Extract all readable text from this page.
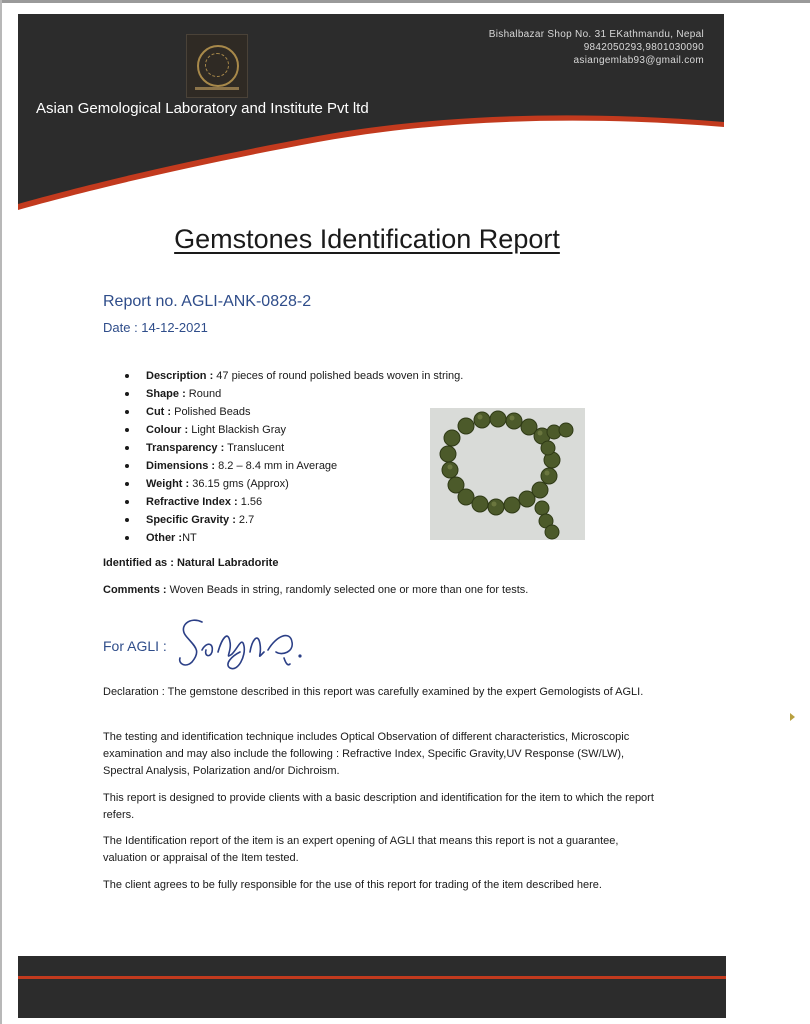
Bishalbazar Shop No. 31 EKathmandu, Nepal
9842050293,9801030090
asiangemlab93@gmail.com
Asian Gemological Laboratory and Institute Pvt ltd
Gemstones Identification Report
Report no. AGLI-ANK-0828-2
Date : 14-12-2021
Description : 47 pieces of round polished beads woven in string.
Shape : Round
Cut : Polished Beads
Colour : Light Blackish Gray
Transparency : Translucent
Dimensions : 8.2 – 8.4 mm in Average
Weight : 36.15 gms (Approx)
Refractive Index : 1.56
Specific Gravity : 2.7
Other :NT
Identified as : Natural Labradorite
Comments : Woven Beads in string, randomly selected one or more than one for tests.
For AGLI :
Declaration : The gemstone described in this report was carefully examined by the expert Gemologists of AGLI.
The testing and identification technique includes Optical Observation of different characteristics, Microscopic examination and may also include the following : Refractive Index, Specific Gravity,UV Response (SW/LW), Spectral Analysis, Polarization and/or Dichroism.
This report is designed to provide clients with a basic description and identification for the item to which the report refers.
The Identification report of the item is an expert opening of AGLI that means this report is not a guarantee, valuation or appraisal of the Item tested.
The client agrees to be fully responsible for the use of this report for trading of the item described here.
